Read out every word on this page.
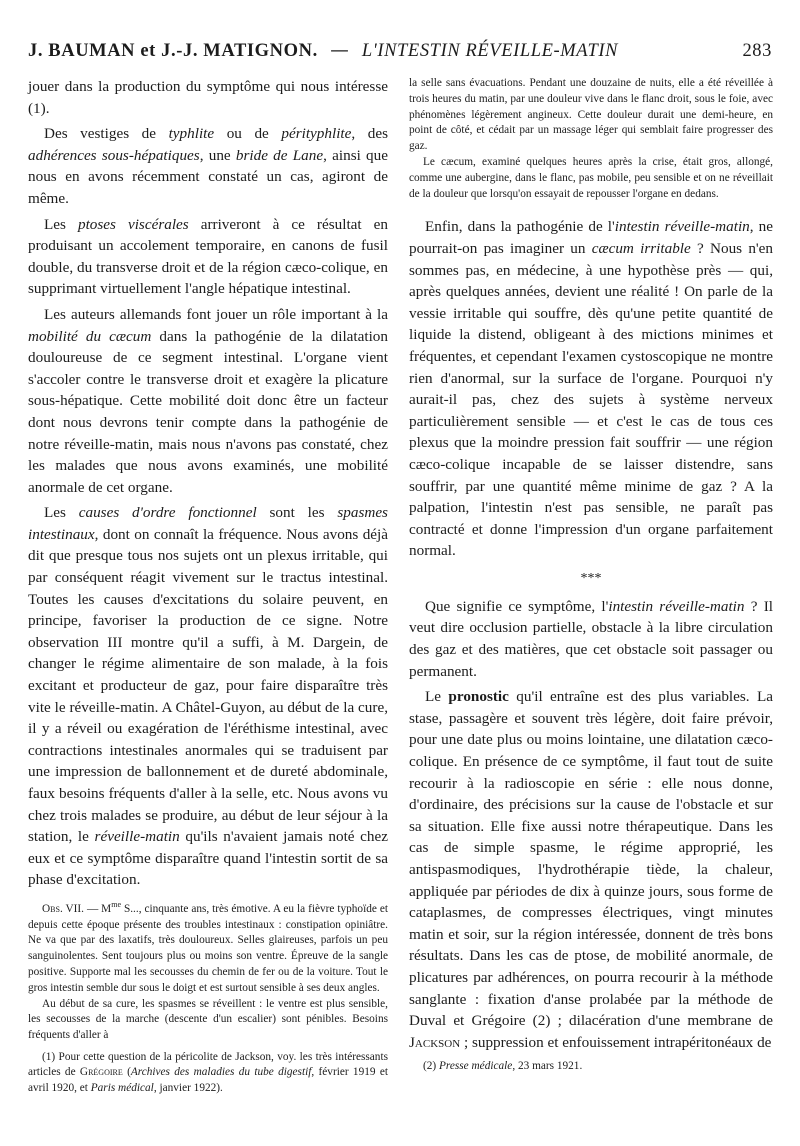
J. BAUMAN et J.-J. MATIGNON. — L'INTESTIN RÉVEILLE-MATIN	283

jouer dans la production du symptôme qui nous intéresse (1).

Des vestiges de typhlite ou de pérityphlite, des adhérences sous-hépatiques, une bride de Lane, ainsi que nous en avons récemment constaté un cas, agiront de même.

Les ptoses viscérales arriveront à ce résultat en produisant un accolement temporaire, en canons de fusil double, du transverse droit et de la région cæco-colique, en supprimant virtuellement l'angle hépatique intestinal.

Les auteurs allemands font jouer un rôle important à la mobilité du cæcum dans la pathogénie de la dilatation douloureuse de ce segment intestinal. L'organe vient s'accoler contre le transverse droit et exagère la plicature sous-hépatique. Cette mobilité doit donc être un facteur dont nous devrons tenir compte dans la pathogénie de notre réveille-matin, mais nous n'avons pas constaté, chez les malades que nous avons examinés, une mobilité anormale de cet organe.

Les causes d'ordre fonctionnel sont les spasmes intestinaux, dont on connaît la fréquence. Nous avons déjà dit que presque tous nos sujets ont un plexus irritable, qui par conséquent réagit vivement sur le tractus intestinal. Toutes les causes d'excitations du solaire peuvent, en principe, favoriser la production de ce signe. Notre observation III montre qu'il a suffi, à M. Dargein, de changer le régime alimentaire de son malade, à la fois excitant et producteur de gaz, pour faire disparaître très vite le réveille-matin. A Châtel-Guyon, au début de la cure, il y a réveil ou exagération de l'éréthisme intestinal, avec contractions intestinales anormales qui se traduisent par une impression de ballonnement et de dureté abdominale, faux besoins fréquents d'aller à la selle, etc. Nous avons vu chez trois malades se produire, au début de leur séjour à la station, le réveille-matin qu'ils n'avaient jamais noté chez eux et ce symptôme disparaître quand l'intestin sortit de sa phase d'excitation.

Obs. VII. — $M^{me}$ S..., cinquante ans, très émotive. A eu la fièvre typhoïde et depuis cette époque présente des troubles intestinaux : constipation opiniâtre. Ne va que par des laxatifs, très douloureux. Selles glaireuses, parfois un peu sanguinolentes. Sent toujours plus ou moins son ventre. Épreuve de la sangle positive. Supporte mal les secousses du chemin de fer ou de la voiture. Tout le gros intestin semble dur sous le doigt et est surtout sensible à ses deux angles.

Au début de sa cure, les spasmes se réveillent : le ventre est plus sensible, les secousses de la marche (descente d'un escalier) sont pénibles. Besoins fréquents d'aller à

(1) Pour cette question de la péricolite de Jackson, voy. les très intéressants articles de Grégoire (Archives des maladies du tube digestif, février 1919 et avril 1920, et Paris médical, janvier 1922).

la selle sans évacuations. Pendant une douzaine de nuits, elle a été réveillée à trois heures du matin, par une douleur vive dans le flanc droit, sous le foie, avec phénomènes légèrement angineux. Cette douleur durait une demi-heure, en point de côté, et cédait par un massage léger qui semblait faire progresser des gaz.

Le cæcum, examiné quelques heures après la crise, était gros, allongé, comme une aubergine, dans le flanc, pas mobile, peu sensible et on ne réveillait de la douleur que lorsqu'on essayait de repousser l'organe en dedans.

Enfin, dans la pathogénie de l'intestin réveille-matin, ne pourrait-on pas imaginer un cæcum irritable ? Nous n'en sommes pas, en médecine, à une hypothèse près — qui, après quelques années, devient une réalité ! On parle de la vessie irritable qui souffre, dès qu'une petite quantité de liquide la distend, obligeant à des mictions minimes et fréquentes, et cependant l'examen cystoscopique ne montre rien d'anormal, sur la surface de l'organe. Pourquoi n'y aurait-il pas, chez des sujets à système nerveux particulièrement sensible — et c'est le cas de tous ces plexus que la moindre pression fait souffrir — une région cæco-colique incapable de se laisser distendre, sans souffrir, par une quantité même minime de gaz ? A la palpation, l'intestin n'est pas sensible, ne paraît pas contracté et donne l'impression d'un organe parfaitement normal.

***

Que signifie ce symptôme, l'intestin réveille-matin ? Il veut dire occlusion partielle, obstacle à la libre circulation des gaz et des matières, que cet obstacle soit passager ou permanent.

Le pronostic qu'il entraîne est des plus variables. La stase, passagère et souvent très légère, doit faire prévoir, pour une date plus ou moins lointaine, une dilatation cæco-colique. En présence de ce symptôme, il faut tout de suite recourir à la radioscopie en série : elle nous donne, d'ordinaire, des précisions sur la cause de l'obstacle et sur sa situation. Elle fixe aussi notre thérapeutique. Dans les cas de simple spasme, le régime approprié, les antispasmodiques, l'hydrothérapie tiède, la chaleur, appliquée par périodes de dix à quinze jours, sous forme de cataplasmes, de compresses électriques, vingt minutes matin et soir, sur la région intéressée, donnent de très bons résultats. Dans les cas de ptose, de mobilité anormale, de plicatures par adhérences, on pourra recourir à la méthode sanglante : fixation d'anse prolabée par la méthode de Duval et Grégoire (2) ; dilacération d'une membrane de Jackson ; suppression et enfouissement intrapéritonéaux de

(2) Presse médicale, 23 mars 1921.
